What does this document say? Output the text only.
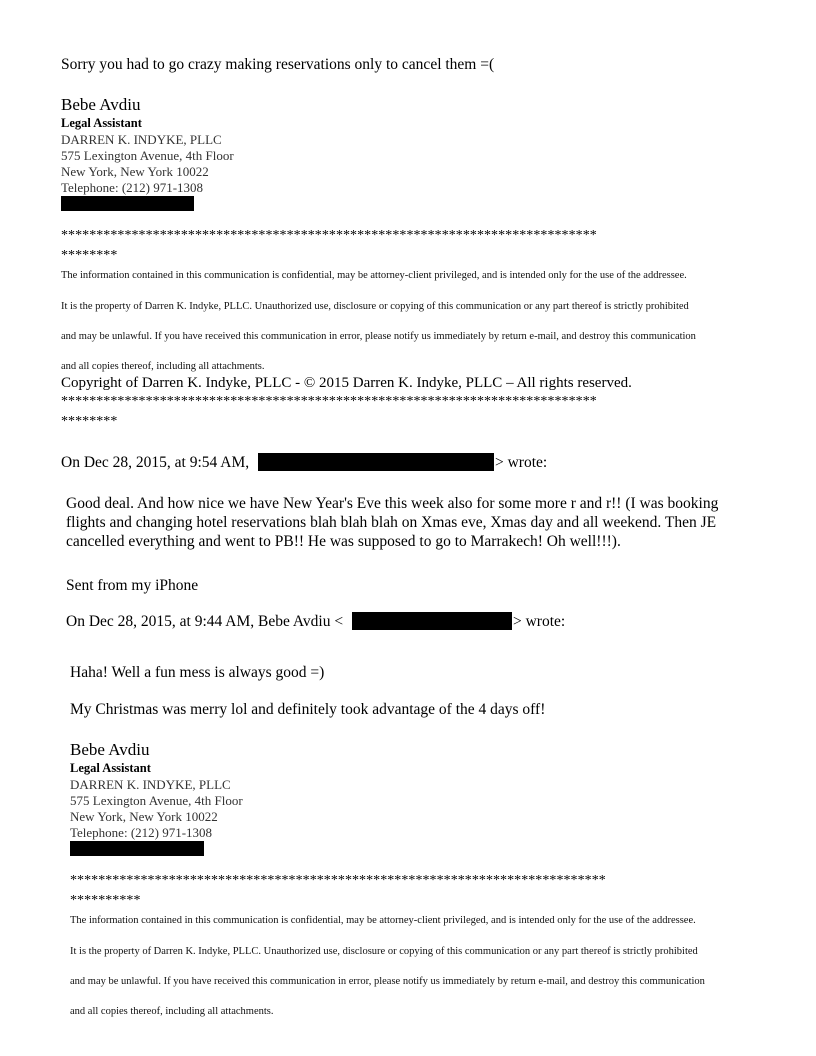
Sorry you had to go crazy making reservations only to cancel them =(
Bebe Avdiu
Legal Assistant
DARREN K. INDYKE, PLLC
575 Lexington Avenue, 4th Floor
New York, New York 10022
Telephone: (212) 971-1308
****************************************************************************
********
The information contained in this communication is confidential, may be attorney-client privileged, and is intended only for the use of the addressee.
It is the property of Darren K. Indyke, PLLC. Unauthorized use, disclosure or copying of this communication or any part thereof is strictly prohibited
and may be unlawful. If you have received this communication in error, please notify us immediately by return e-mail, and destroy this communication
and all copies thereof, including all attachments.
Copyright of Darren K. Indyke, PLLC - © 2015 Darren K. Indyke, PLLC – All rights reserved.
****************************************************************************
********
On Dec 28, 2015, at 9:54 AM,	> wrote:
Good deal. And how nice we have New Year's Eve this week also for some more r and r!! (I was booking flights and changing hotel reservations blah blah blah on Xmas eve, Xmas day and all weekend. Then JE cancelled everything and went to PB!! He was supposed to go to Marrakech! Oh well!!!).
Sent from my iPhone
On Dec 28, 2015, at 9:44 AM, Bebe Avdiu <	> wrote:
Haha! Well a fun mess is always good =)
My Christmas was merry lol and definitely took advantage of the 4 days off!
Bebe Avdiu
Legal Assistant
DARREN K. INDYKE, PLLC
575 Lexington Avenue, 4th Floor
New York, New York 10022
Telephone: (212) 971-1308
****************************************************************************
**********
The information contained in this communication is confidential, may be attorney-client privileged, and is intended only for the use of the addressee.
It is the property of Darren K. Indyke, PLLC. Unauthorized use, disclosure or copying of this communication or any part thereof is strictly prohibited
and may be unlawful. If you have received this communication in error, please notify us immediately by return e-mail, and destroy this communication
and all copies thereof, including all attachments.
